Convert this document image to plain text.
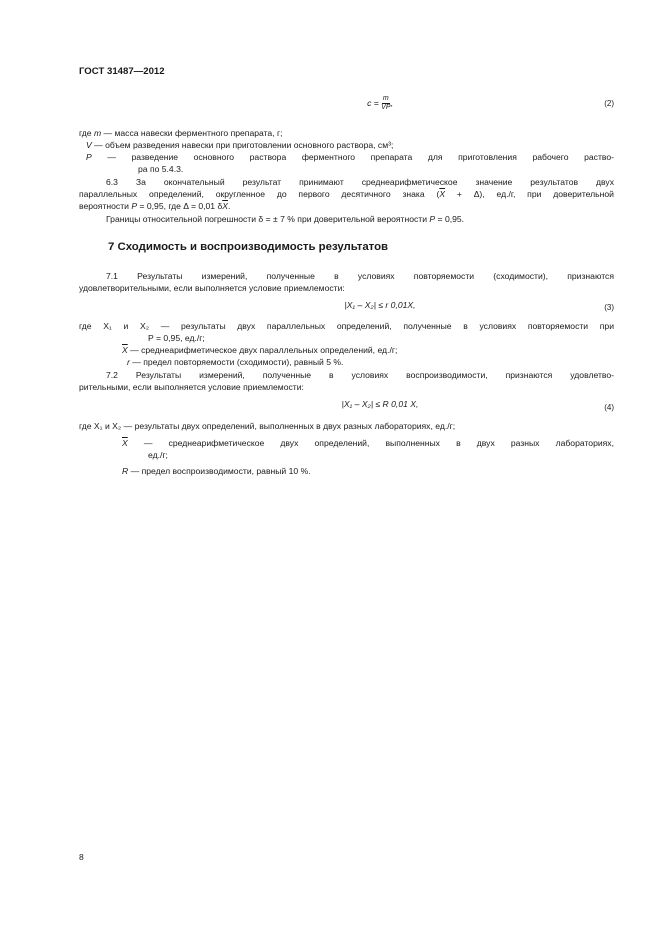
ГОСТ 31487—2012
$c = \frac{m}{VP}$ ,	(2)
где m — масса навески ферментного препарата, г;
V — объем разведения навески при приготовлении основного раствора, см³;
P — разведение основного раствора ферментного препарата для приготовления рабочего раство-
ра по 5.4.3.
6.3 За окончательный результат принимают среднеарифметическое значение результатов двух
параллельных определений, округленное до первого десятичного знака $(\overline{X} + \Delta)$, ед./г, при доверительной
вероятности P = 0,95, где Δ = 0,01 $\delta\overline{X}$.
Границы относительной погрешности δ = ± 7 % при доверительной вероятности P = 0,95.
7 Сходимость и воспроизводимость результатов
7.1 Результаты измерений, полученные в условиях повторяемости (сходимости), признаются
удовлетворительными, если выполняется условие приемлемости:
|X₁ – X₂| ≤ r 0,01X,	(3)
где X₁ и X₂ — результаты двух параллельных определений, полученные в условиях повторяемости при
P = 0,95, ед./г;
$\overline{X}$ — среднеарифметическое двух параллельных определений, ед./г;
r — предел повторяемости (сходимости), равный 5 %.
7.2 Результаты измерений, полученные в условиях воспроизводимости, признаются удовлетво-
рительными, если выполняется условие приемлемости:
|X₁ – X₂| ≤ R 0,01 X,	(4)
где X₁ и X₂ — результаты двух определений, выполненных в двух разных лабораториях, ед./г;
$\overline{X}$ — среднеарифметическое двух определений, выполненных в двух разных лабораториях,
ед./г;
R — предел воспроизводимости, равный 10 %.
8
